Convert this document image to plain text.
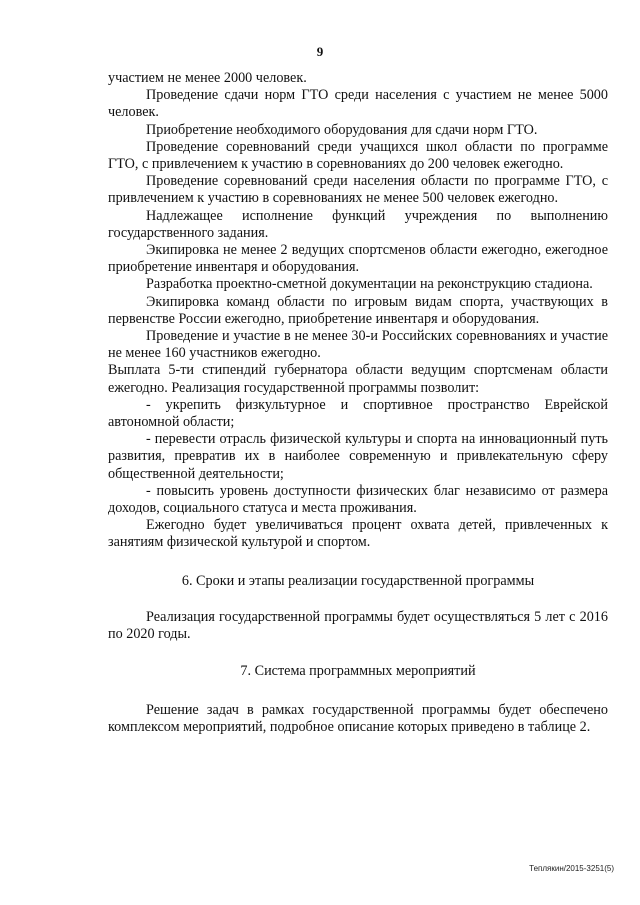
9

участием не менее 2000 человек.

Проведение сдачи норм ГТО среди населения с участием не менее 5000 человек.

Приобретение необходимого оборудования для сдачи норм ГТО.

Проведение соревнований среди учащихся школ области по программе ГТО, с привлечением к участию в соревнованиях до 200 человек ежегодно.

Проведение соревнований среди населения области по программе ГТО, с привлечением к участию в соревнованиях не менее 500 человек ежегодно.

Надлежащее исполнение функций учреждения по выполнению государственного задания.

Экипировка не менее 2 ведущих спортсменов области ежегодно, ежегодное приобретение инвентаря и оборудования.

Разработка проектно-сметной документации на реконструкцию стадиона.

Экипировка команд области по игровым видам спорта, участвующих в первенстве России ежегодно, приобретение инвентаря и оборудования.

Проведение и участие в не менее 30-и Российских соревнованиях и участие не менее 160 участников ежегодно.

Выплата 5-ти стипендий губернатора области ведущим спортсменам области ежегодно. Реализация государственной программы позволит:

- укрепить физкультурное и спортивное пространство Еврейской автономной области;

- перевести отрасль физической культуры и спорта на инновационный путь развития, превратив их в наиболее современную и привлекательную сферу общественной деятельности;

- повысить уровень доступности физических благ независимо от размера доходов, социального статуса и места проживания.

Ежегодно будет увеличиваться процент охвата детей, привлеченных к занятиям физической культурой и спортом.

6. Сроки и этапы реализации государственной программы

Реализация государственной программы будет осуществляться 5 лет с 2016 по 2020 годы.

7. Система программных мероприятий

Решение задач в рамках государственной программы будет обеспечено комплексом мероприятий, подробное описание которых приведено в таблице 2.

Теплякин/2015-3251(5)
